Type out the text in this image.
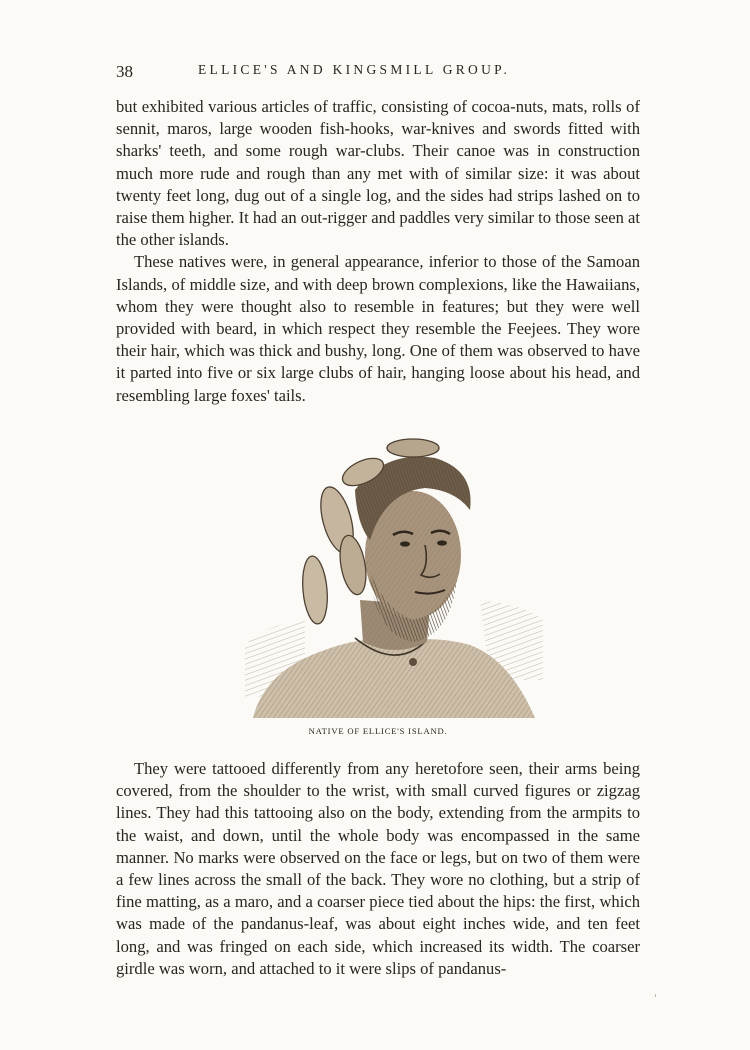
38	ELLICE'S AND KINGSMILL GROUP.

but exhibited various articles of traffic, consisting of cocoa-nuts, mats, rolls of sennit, maros, large wooden fish-hooks, war-knives and swords fitted with sharks' teeth, and some rough war-clubs. Their canoe was in construction much more rude and rough than any met with of similar size: it was about twenty feet long, dug out of a single log, and the sides had strips lashed on to raise them higher. It had an out-rigger and paddles very similar to those seen at the other islands.

These natives were, in general appearance, inferior to those of the Samoan Islands, of middle size, and with deep brown complexions, like the Hawaiians, whom they were thought also to resemble in features; but they were well provided with beard, in which respect they resemble the Feejees. They wore their hair, which was thick and bushy, long. One of them was observed to have it parted into five or six large clubs of hair, hanging loose about his head, and resembling large foxes' tails.

NATIVE OF ELLICE'S ISLAND.

They were tattooed differently from any heretofore seen, their arms being covered, from the shoulder to the wrist, with small curved figures or zigzag lines. They had this tattooing also on the body, extending from the armpits to the waist, and down, until the whole body was encompassed in the same manner. No marks were observed on the face or legs, but on two of them were a few lines across the small of the back. They wore no clothing, but a strip of fine matting, as a maro, and a coarser piece tied about the hips: the first, which was made of the pandanus-leaf, was about eight inches wide, and ten feet long, and was fringed on each side, which increased its width. The coarser girdle was worn, and attached to it were slips of pandanus-

ʼ
